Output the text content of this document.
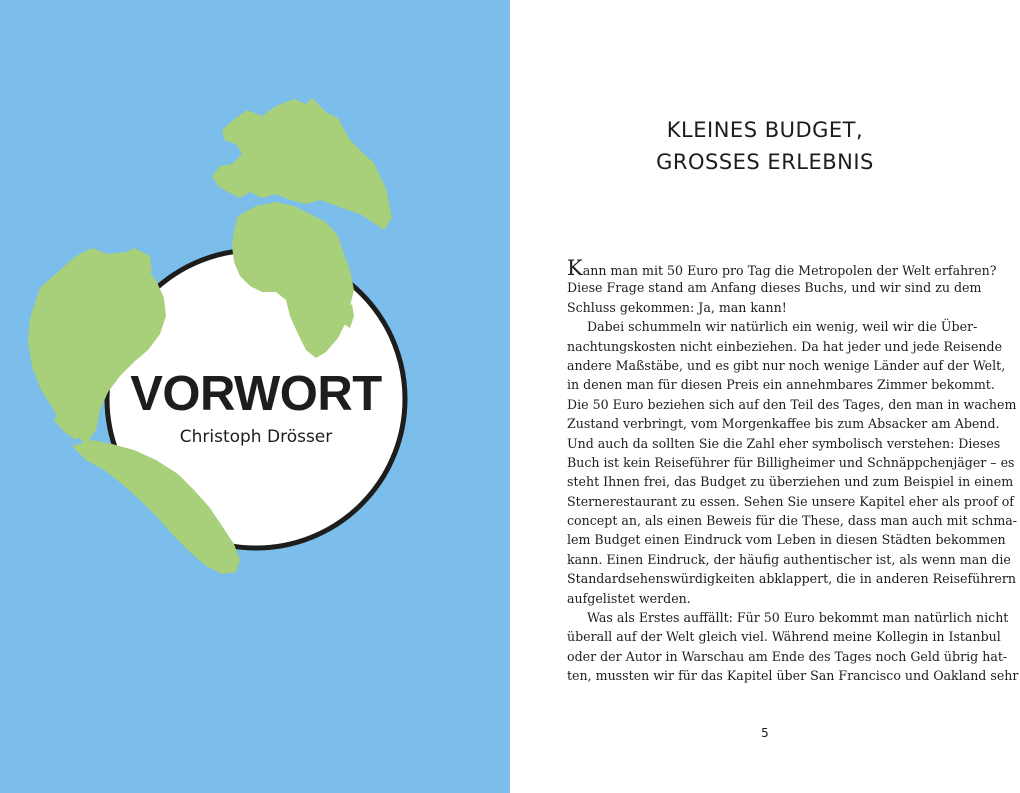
VORWORT
Christoph Drösser
KLEINES BUDGET,
GROSSES ERLEBNIS
Kann man mit 50 Euro pro Tag die Metropolen der Welt erfahren?
Diese Frage stand am Anfang dieses Buchs, und wir sind zu dem
Schluss gekommen: Ja, man kann!
Dabei schummeln wir natürlich ein wenig, weil wir die Über-
nachtungskosten nicht einbeziehen. Da hat jeder und jede Reisende
andere Maßstäbe, und es gibt nur noch wenige Länder auf der Welt,
in denen man für diesen Preis ein annehmbares Zimmer bekommt.
Die 50 Euro beziehen sich auf den Teil des Tages, den man in wachem
Zustand verbringt, vom Morgenkaffee bis zum Absacker am Abend.
Und auch da sollten Sie die Zahl eher symbolisch verstehen: Dieses
Buch ist kein Reiseführer für Billigheimer und Schnäppchenjäger – es
steht Ihnen frei, das Budget zu überziehen und zum Beispiel in einem
Sternerestaurant zu essen. Sehen Sie unsere Kapitel eher als proof of
concept an, als einen Beweis für die These, dass man auch mit schma-
lem Budget einen Eindruck vom Leben in diesen Städten bekommen
kann. Einen Eindruck, der häufig authentischer ist, als wenn man die
Standardsehenswürdigkeiten abklappert, die in anderen Reiseführern
aufgelistet werden.
Was als Erstes auffällt: Für 50 Euro bekommt man natürlich nicht
überall auf der Welt gleich viel. Während meine Kollegin in Istanbul
oder der Autor in Warschau am Ende des Tages noch Geld übrig hat-
ten, mussten wir für das Kapitel über San Francisco und Oakland sehr
5
